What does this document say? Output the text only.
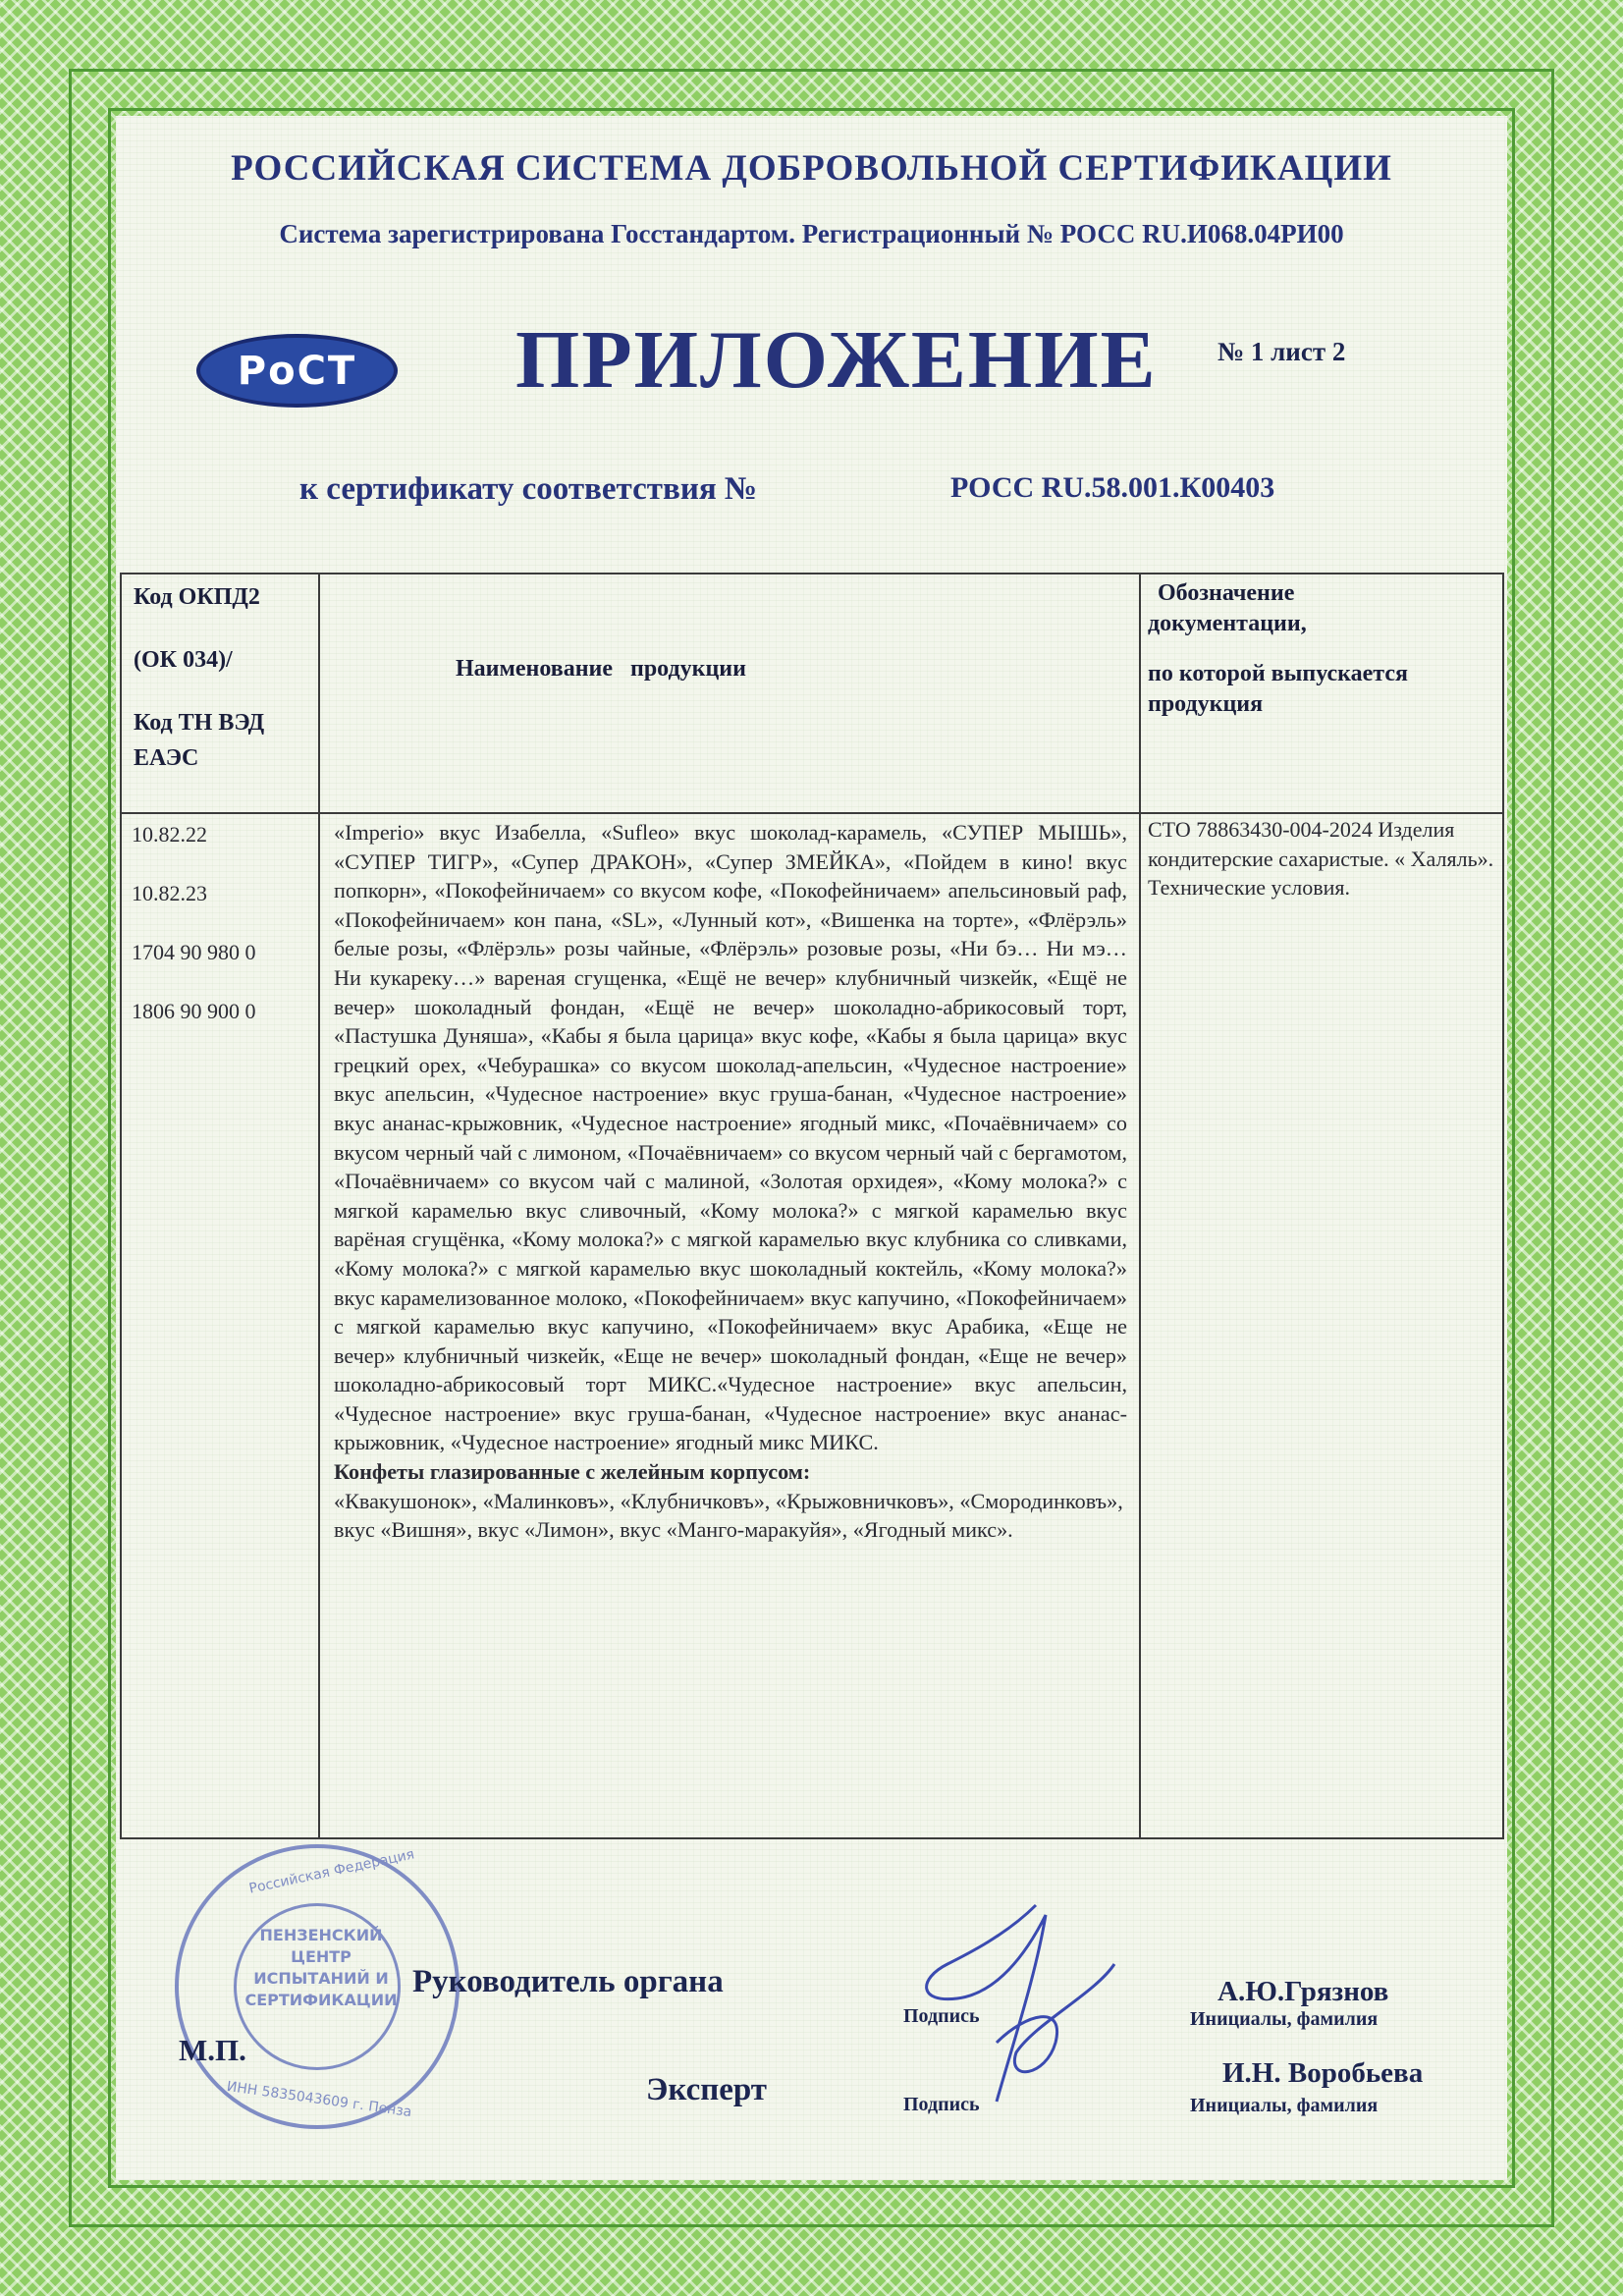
РОССИЙСКАЯ СИСТЕМА ДОБРОВОЛЬНОЙ СЕРТИФИКАЦИИ
Система зарегистрирована Госстандартом. Регистрационный № РОСС RU.И068.04РИ00
РоСТ ПРИЛОЖЕНИЕ № 1 лист 2
к сертификату соответствия №	РОСС RU.58.001.К00403
Код ОКПД2
(ОК 034)/
Код ТН ВЭД
ЕАЭС
Наименование   продукции
Обозначение
документации,
по которой выпускается
продукция
10.82.22
10.82.23
1704 90 980 0
1806 90 900 0
«Imperio» вкус Изабелла, «Sufleo» вкус шоколад-карамель, «СУПЕР МЫШЬ», «СУПЕР ТИГР», «Супер ДРАКОН», «Супер ЗМЕЙКА», «Пойдем в кино! вкус попкорн», «Покофейничаем» со вкусом кофе, «Покофейничаем» апельсиновый раф, «Покофейничаем» кон пана, «SL», «Лунный кот», «Вишенка на торте», «Флёрэль» белые розы, «Флёрэль» розы чайные, «Флёрэль» розовые розы, «Ни бэ… Ни мэ… Ни кукареку…» вареная сгущенка, «Ещё не вечер» клубничный чизкейк, «Ещё не вечер» шоколадный фондан, «Ещё не вечер» шоколадно-абрикосовый торт, «Пастушка Дуняша», «Кабы я была царица» вкус кофе, «Кабы я была царица» вкус грецкий орех, «Чебурашка» со вкусом шоколад-апельсин, «Чудесное настроение» вкус апельсин, «Чудесное настроение» вкус груша-банан, «Чудесное настроение» вкус ананас-крыжовник, «Чудесное настроение» ягодный микс, «Почаёвничаем» со вкусом черный чай с лимоном, «Почаёвничаем» со вкусом черный чай с бергамотом, «Почаёвничаем» со вкусом чай с малиной, «Золотая орхидея», «Кому молока?» с мягкой карамелью вкус сливочный, «Кому молока?» с мягкой карамелью вкус варёная сгущёнка, «Кому молока?» с мягкой карамелью вкус клубника со сливками, «Кому молока?» с мягкой карамелью вкус шоколадный коктейль, «Кому молока?» вкус карамелизованное молоко, «Покофейничаем» вкус капучино, «Покофейничаем» с мягкой карамелью вкус капучино, «Покофейничаем» вкус Арабика, «Еще не вечер» клубничный чизкейк, «Еще не вечер» шоколадный фондан, «Еще не вечер» шоколадно-абрикосовый торт МИКС.«Чудесное настроение» вкус апельсин, «Чудесное настроение» вкус груша-банан, «Чудесное настроение» вкус ананас-крыжовник, «Чудесное настроение» ягодный микс МИКС.
Конфеты глазированные с желейным корпусом:

«Квакушонок», «Малинковъ», «Клубничковъ», «Крыжовничковъ», «Смородинковъ», вкус «Вишня», вкус «Лимон», вкус «Манго-маракуйя», «Ягодный микс».
СТО 78863430-004-2024 Изделия кондитерские сахаристые. « Халяль». Технические условия.
Российская Федерация
ИНН 5835043609 г. Пенза
ПЕНЗЕНСКИЙ
ЦЕНТР
ИСПЫТАНИЙ И
СЕРТИФИКАЦИИ
М.П.
Руководитель органа
Эксперт
Подпись
Подпись
А.Ю.Грязнов
Инициалы, фамилия
И.Н. Воробьева
Инициалы, фамилия
